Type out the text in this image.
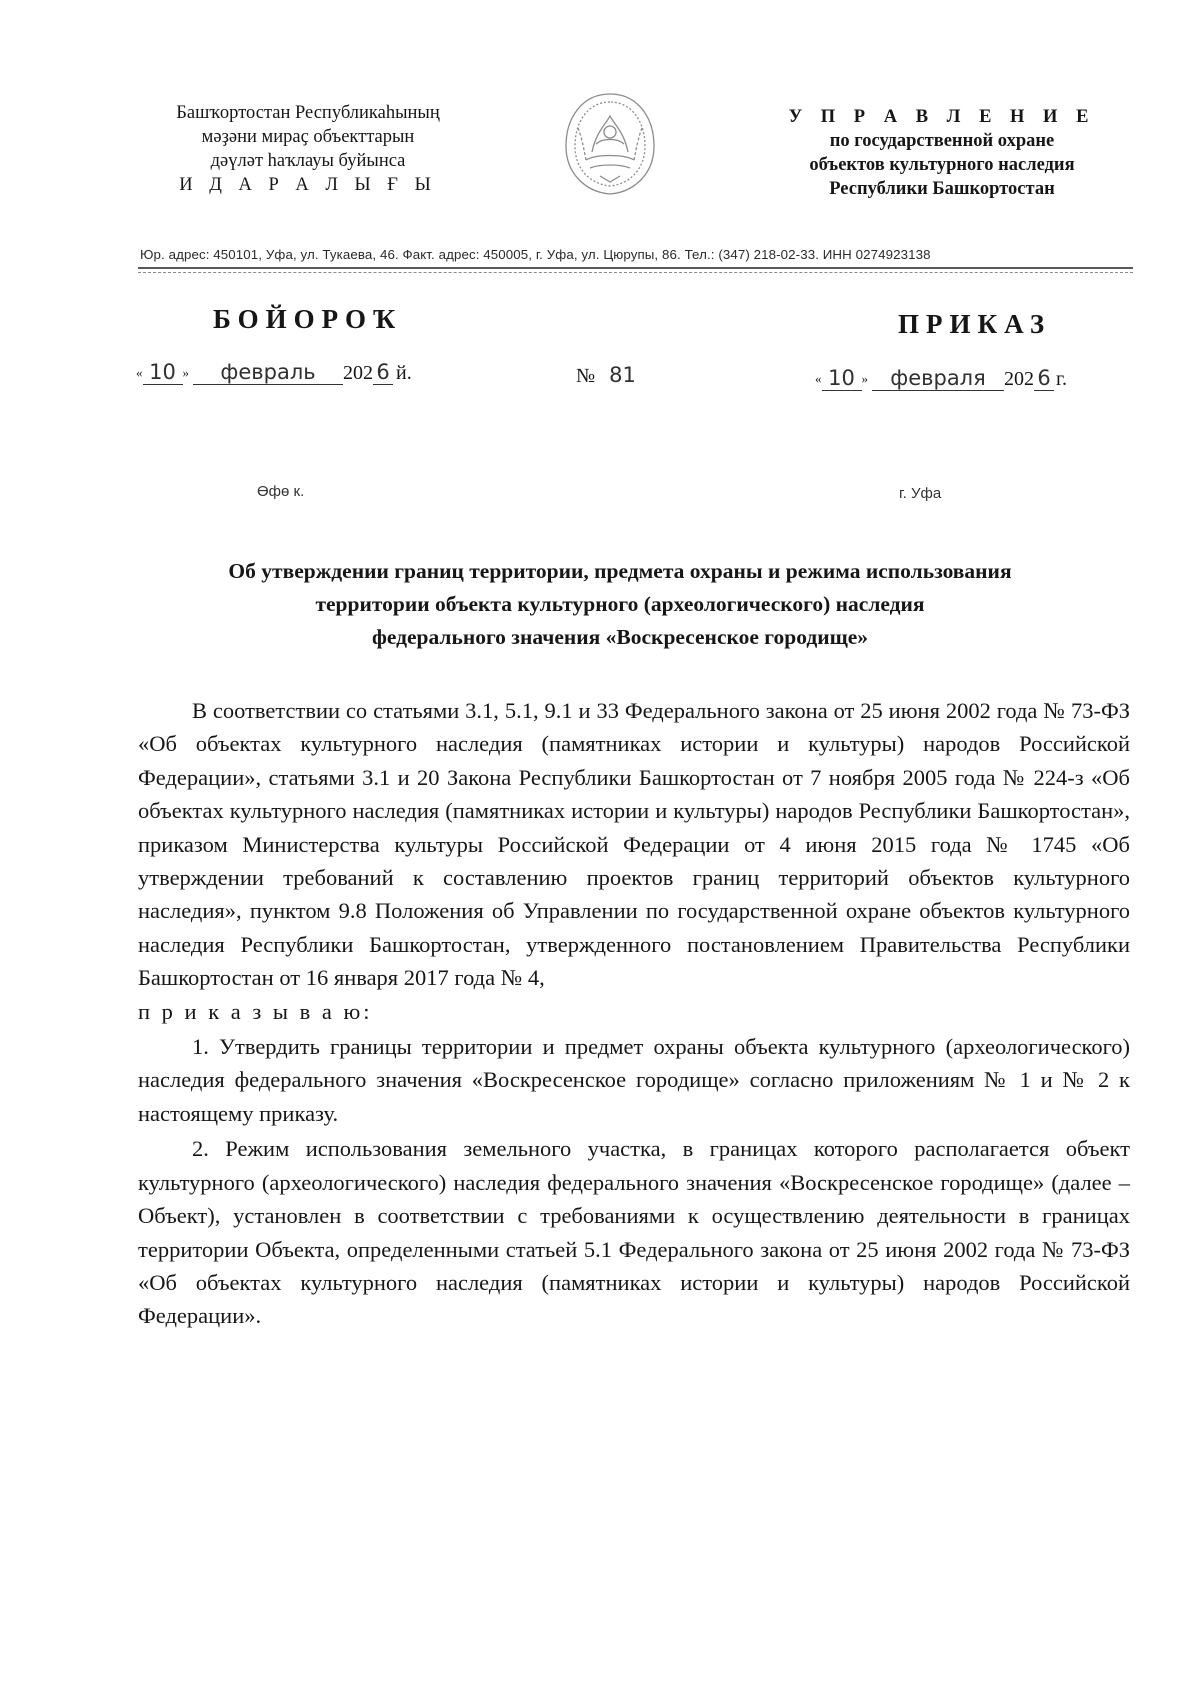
Башҡортостан Республикаһының
мәҙәни мираҫ объекттарын
дәүләт һаҡлауы буйынса
И Д А Р А Л Ы Ғ Ы
У П Р А В Л Е Н И Е
по государственной охране
объектов культурного наследия
Республики Башкортостан
Юр. адрес: 450101, Уфа, ул. Тукаева, 46. Факт. адрес: 450005, г. Уфа, ул. Цюрупы, 86. Тел.: (347) 218-02-33. ИНН 0274923138
БОЙОРОҠ	ПРИКАЗ
« 10 » февраль 202 6 й.	№ 81	« 10 » февраля 202 6 г.
Өфө к.	г. Уфа
Об утверждении границ территории, предмета охраны и режима использования
территории объекта культурного (археологического) наследия
федерального значения «Воскресенское городище»

В соответствии со статьями 3.1, 5.1, 9.1 и 33 Федерального закона от 25 июня 2002 года № 73-ФЗ «Об объектах культурного наследия (памятниках истории и культуры) народов Российской Федерации», статьями 3.1 и 20 Закона Республики Башкортостан от 7 ноября 2005 года № 224-з «Об объектах культурного наследия (памятниках истории и культуры) народов Республики Башкортостан», приказом Министерства культуры Российской Федерации от 4 июня 2015 года № 1745 «Об утверждении требований к составлению проектов границ территорий объектов культурного наследия», пунктом 9.8 Положения об Управлении по государственной охране объектов культурного наследия Республики Башкортостан, утвержденного постановлением Правительства Республики Башкортостан от 16 января 2017 года № 4,

п р и к а з ы в а ю:

1. Утвердить границы территории и предмет охраны объекта культурного (археологического) наследия федерального значения «Воскресенское городище» согласно приложениям № 1 и № 2 к настоящему приказу.

2. Режим использования земельного участка, в границах которого располагается объект культурного (археологического) наследия федерального значения «Воскресенское городище» (далее – Объект), установлен в соответствии с требованиями к осуществлению деятельности в границах территории Объекта, определенными статьей 5.1 Федерального закона от 25 июня 2002 года № 73-ФЗ «Об объектах культурного наследия (памятниках истории и культуры) народов Российской Федерации».
